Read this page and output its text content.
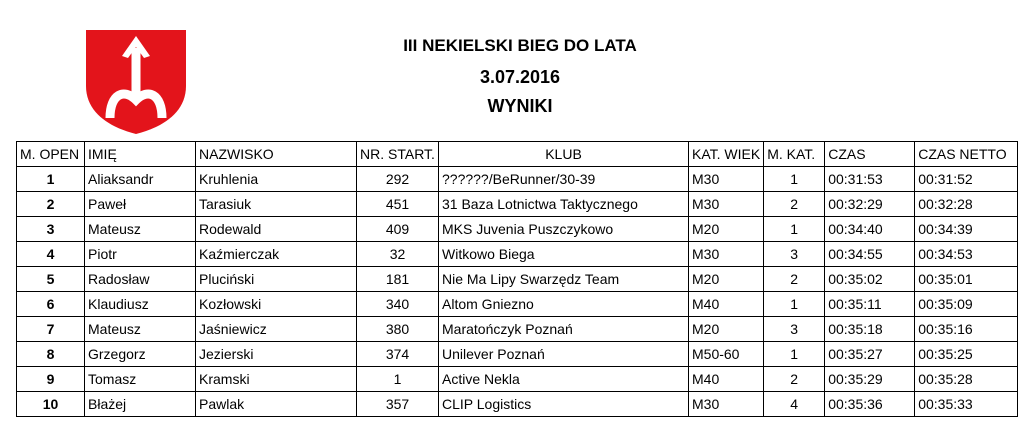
III NEKIELSKI BIEG DO LATA
3.07.2016
WYNIKI
M. OPEN	IMIĘ	NAZWISKO	NR. START.	KLUB	KAT. WIEK	M. KAT.	CZAS	CZAS NETTO
1	Aliaksandr	Kruhlenia	292	??????/BeRunner/30-39	M30	1	00:31:53	00:31:52
2	Paweł	Tarasiuk	451	31 Baza Lotnictwa Taktycznego	M30	2	00:32:29	00:32:28
3	Mateusz	Rodewald	409	MKS Juvenia Puszczykowo	M20	1	00:34:40	00:34:39
4	Piotr	Kaźmierczak	32	Witkowo Biega	M30	3	00:34:55	00:34:53
5	Radosław	Pluciński	181	Nie Ma Lipy Swarzędz Team	M20	2	00:35:02	00:35:01
6	Klaudiusz	Kozłowski	340	Altom Gniezno	M40	1	00:35:11	00:35:09
7	Mateusz	Jaśniewicz	380	Maratończyk Poznań	M20	3	00:35:18	00:35:16
8	Grzegorz	Jezierski	374	Unilever Poznań	M50-60	1	00:35:27	00:35:25
9	Tomasz	Kramski	1	Active Nekla	M40	2	00:35:29	00:35:28
10	Błażej	Pawlak	357	CLIP Logistics	M30	4	00:35:36	00:35:33
